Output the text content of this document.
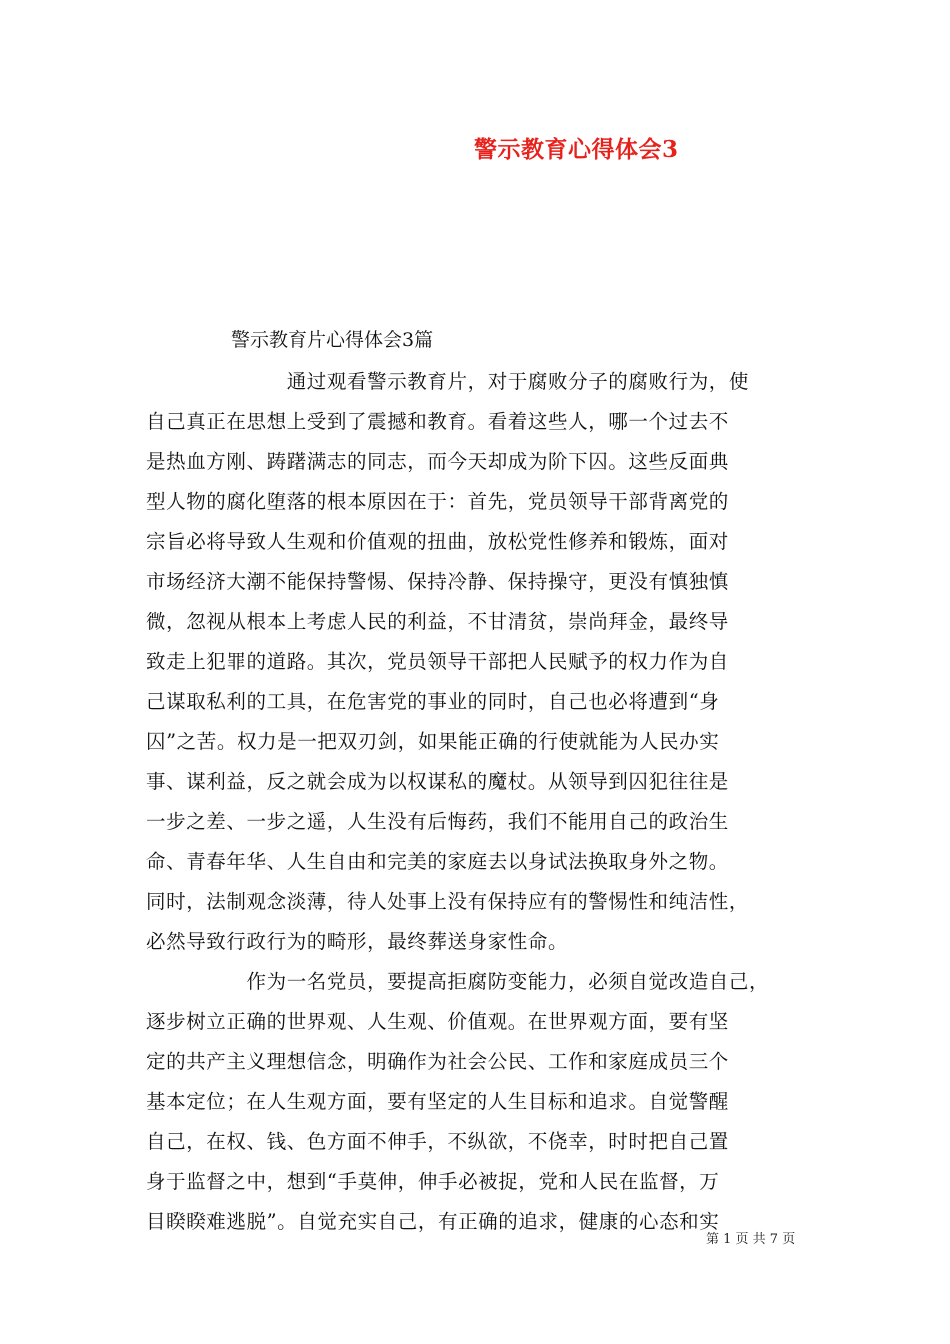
警示教育心得体会3
警示教育片心得体会3篇
　　　　　　　通过观看警示教育片，对于腐败分子的腐败行为，使
自己真正在思想上受到了震撼和教育。看着这些人，哪一个过去不
是热血方刚、踌躇满志的同志，而今天却成为阶下囚。这些反面典
型人物的腐化堕落的根本原因在于：首先，党员领导干部背离党的
宗旨必将导致人生观和价值观的扭曲，放松党性修养和锻炼，面对
市场经济大潮不能保持警惕、保持冷静、保持操守，更没有慎独慎
微，忽视从根本上考虑人民的利益，不甘清贫，崇尚拜金，最终导
致走上犯罪的道路。其次，党员领导干部把人民赋予的权力作为自
己谋取私利的工具，在危害党的事业的同时，自己也必将遭到“身
囚”之苦。权力是一把双刃剑，如果能正确的行使就能为人民办实
事、谋利益，反之就会成为以权谋私的魔杖。从领导到囚犯往往是
一步之差、一步之遥，人生没有后悔药，我们不能用自己的政治生
命、青春年华、人生自由和完美的家庭去以身试法换取身外之物。
同时，法制观念淡薄，待人处事上没有保持应有的警惕性和纯洁性，
必然导致行政行为的畸形，最终葬送身家性命。
　　　　　作为一名党员，要提高拒腐防变能力，必须自觉改造自己，
逐步树立正确的世界观、人生观、价值观。在世界观方面，要有坚
定的共产主义理想信念，明确作为社会公民、工作和家庭成员三个
基本定位；在人生观方面，要有坚定的人生目标和追求。自觉警醒
自己，在权、钱、色方面不伸手，不纵欲，不侥幸，时时把自己置
身于监督之中，想到“手莫伸，伸手必被捉，党和人民在监督，万
目睽睽难逃脱”。自觉充实自己，有正确的追求，健康的心态和实
第 1 页 共 7 页
